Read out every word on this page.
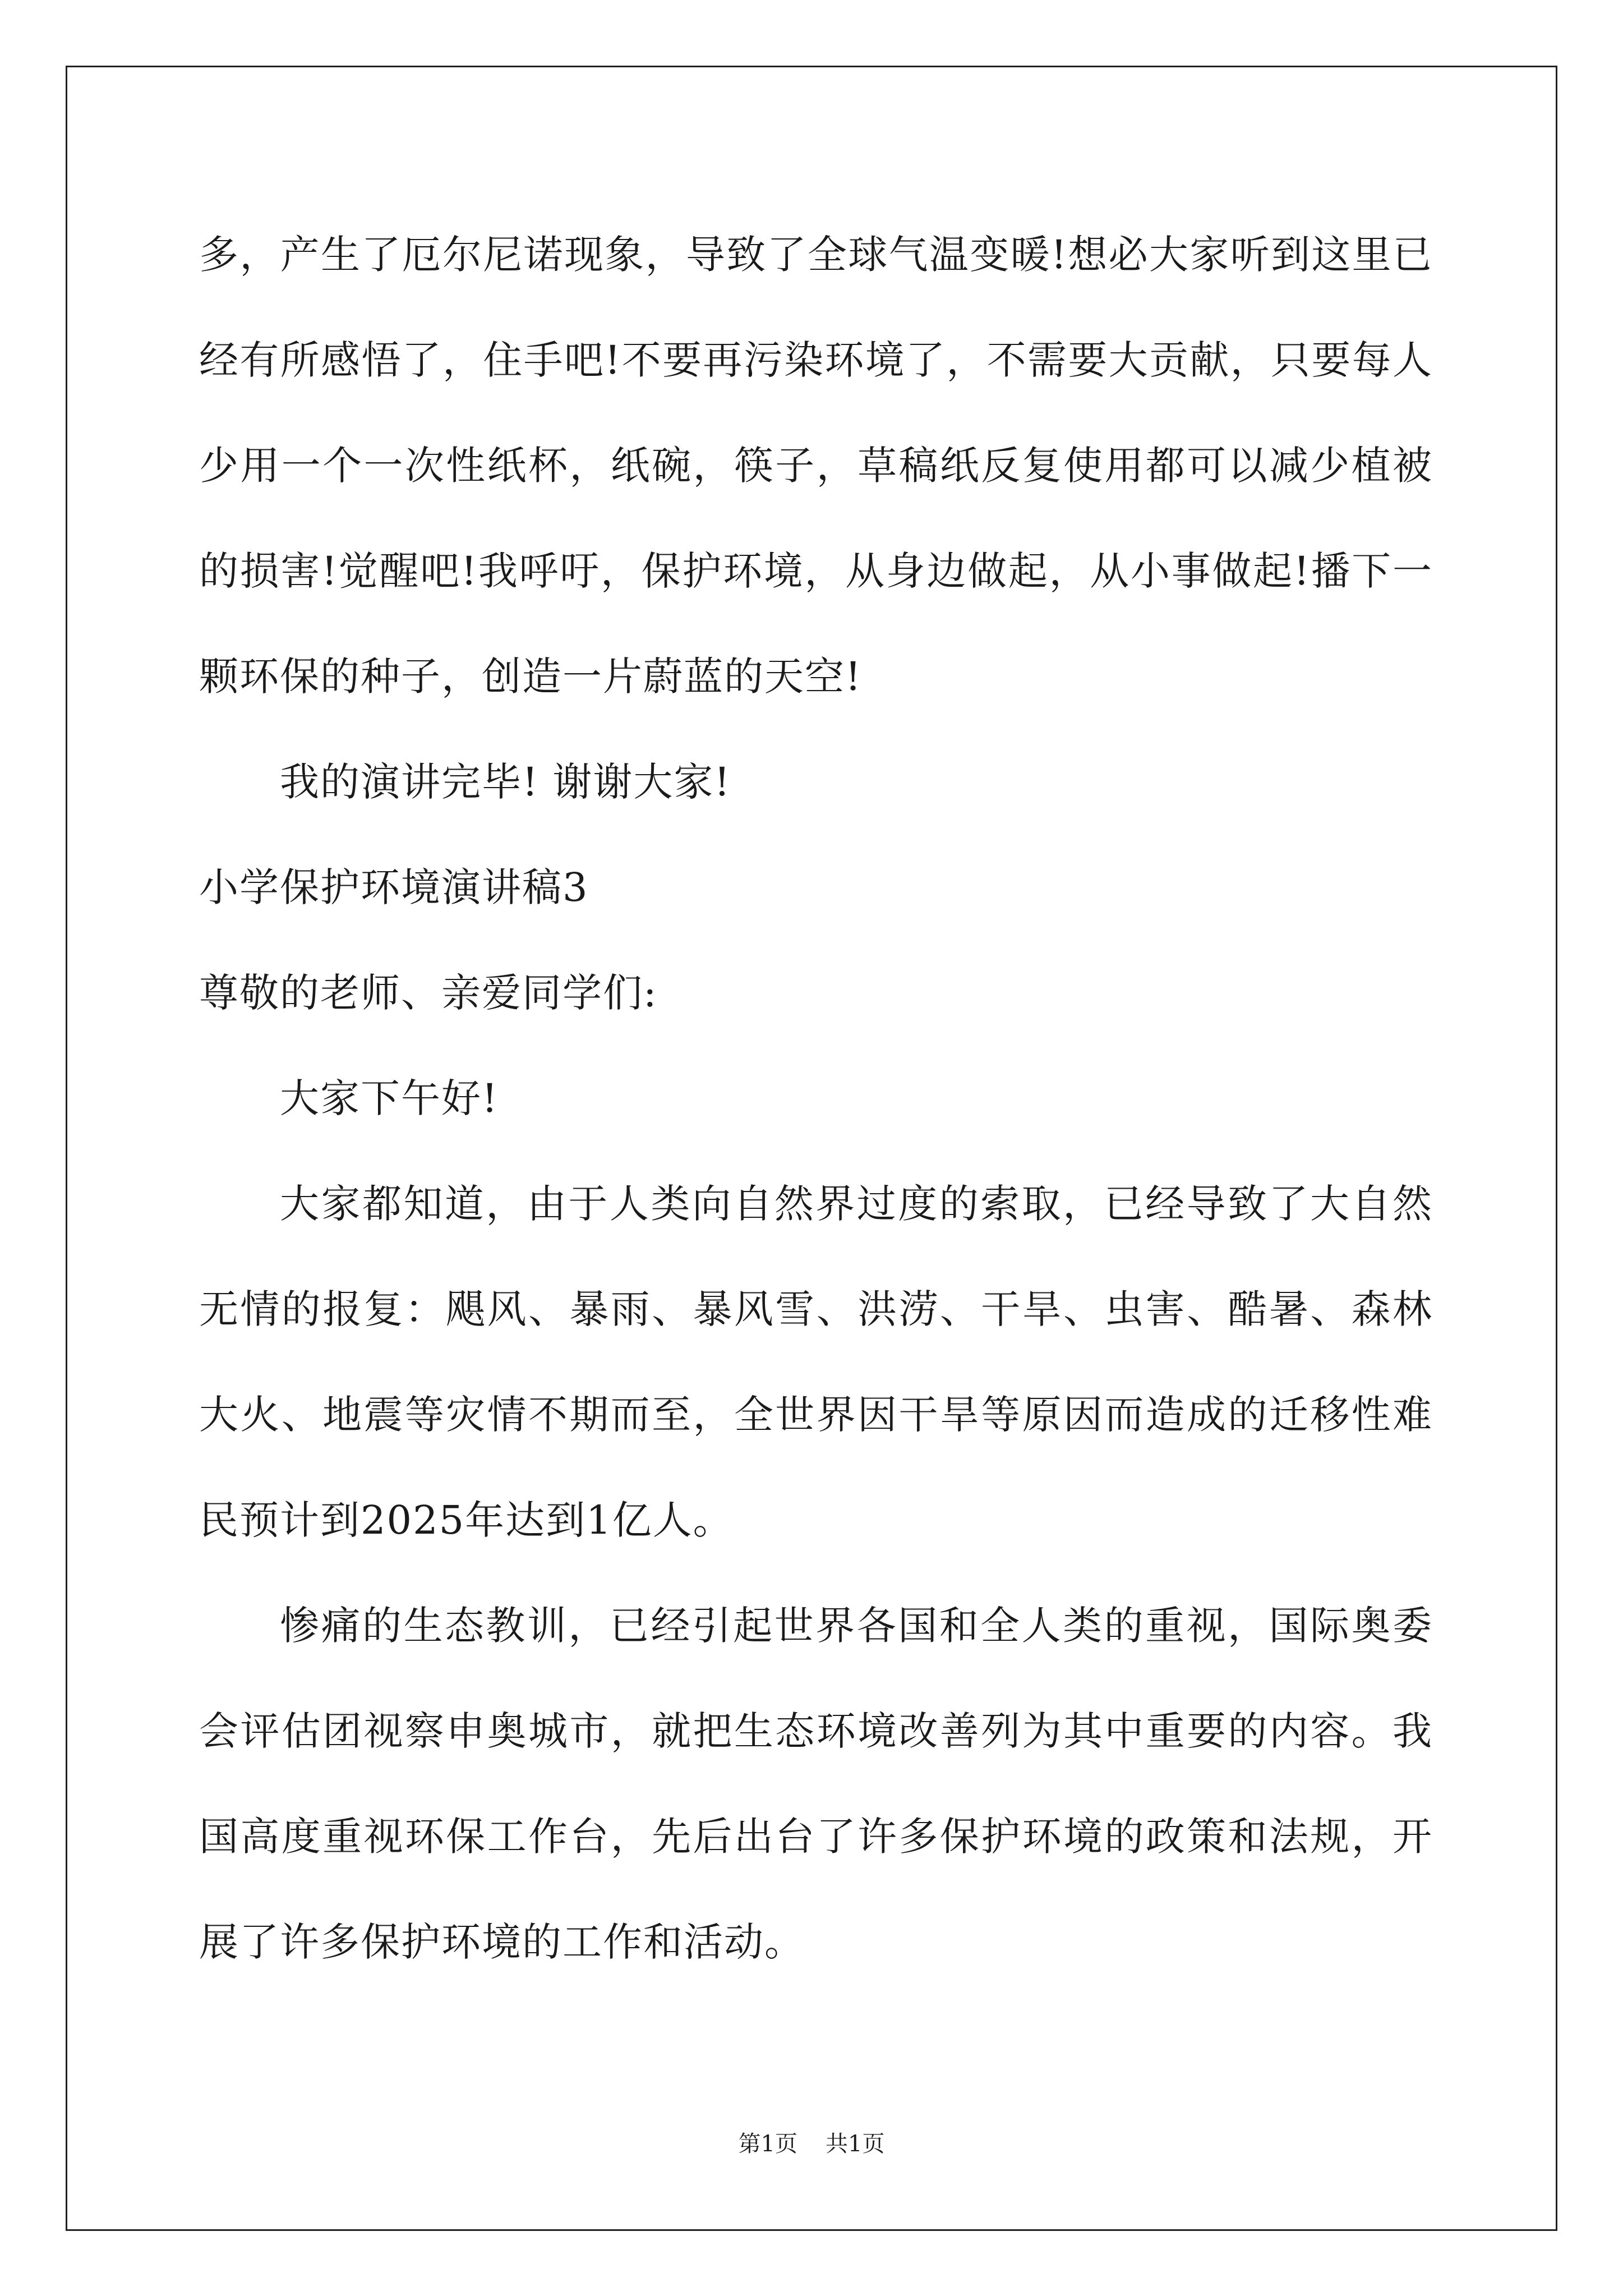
多，产生了厄尔尼诺现象，导致了全球气温变暖!想必大家听到这里已经有所感悟了，住手吧!不要再污染环境了，不需要大贡献，只要每人少用一个一次性纸杯，纸碗，筷子，草稿纸反复使用都可以减少植被的损害!觉醒吧!我呼吁，保护环境，从身边做起，从小事做起!播下一颗环保的种子，创造一片蔚蓝的天空!

我的演讲完毕! 谢谢大家!

小学保护环境演讲稿3

尊敬的老师、亲爱同学们:

大家下午好!

大家都知道，由于人类向自然界过度的索取，已经导致了大自然无情的报复：飓风、暴雨、暴风雪、洪涝、干旱、虫害、酷暑、森林大火、地震等灾情不期而至，全世界因干旱等原因而造成的迁移性难民预计到2025年达到1亿人。

惨痛的生态教训，已经引起世界各国和全人类的重视，国际奥委会评估团视察申奥城市，就把生态环境改善列为其中重要的内容。我国高度重视环保工作台，先后出台了许多保护环境的政策和法规，开展了许多保护环境的工作和活动。

第1页 共1页
